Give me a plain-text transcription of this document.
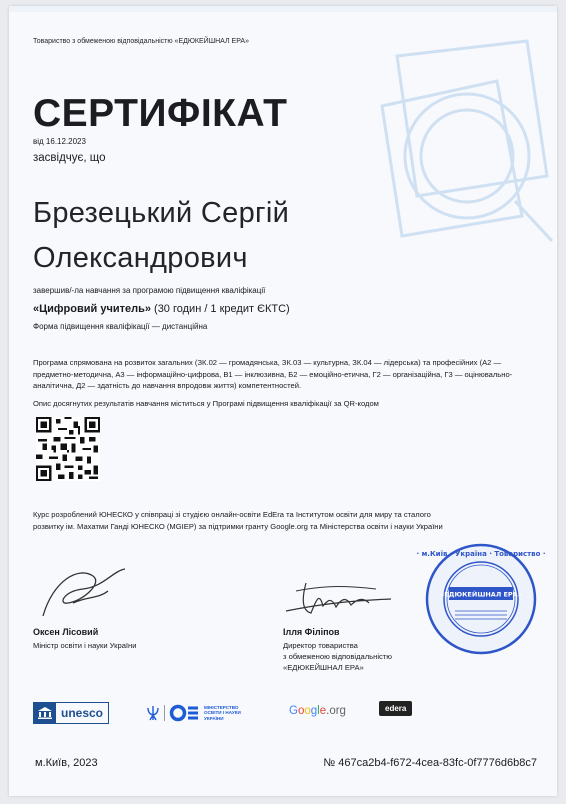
Товариство з обмеженою відповідальністю «ЕДЮКЕЙШНАЛ ЕРА»
СЕРТИФІКАТ
від 16.12.2023
засвідчує, що
Брезецький Сергій
Олександрович
завершив/-ла навчання за програмою підвищення кваліфікації
«Цифровий учитель» (30 годин / 1 кредит ЄКТС)
Форма підвищення кваліфікації — дистанційна
Програма спрямована на розвиток загальних (ЗК.02 — громадянська, ЗК.03 — культурна, ЗК.04 — лідерська) та професійних (А2 — предметно-методична, А3 — інформаційно-цифрова, В1 — інклюзивна, Б2 — емоційно-етична, Г2 — організаційна, Г3 — оцінювально-аналітична, Д2 — здатність до навчання впродовж життя) компетентностей.
Опис досягнутих результатів навчання міститься у Програмі підвищення кваліфікації за QR-кодом
Курс розроблений ЮНЕСКО у співпраці зі студією онлайн-освіти EdEra та Інститутом освіти для миру та сталого розвитку ім. Махатми Ганді ЮНЕСКО (MGIEP) за підтримки гранту Google.org та Міністерства освіти і науки України
Оксен Лісовий
Міністр освіти і науки України
Ілля Філіпов
Директор товариства
з обмеженою відповідальністю
«ЕДЮКЕЙШНАЛ ЕРА»
· м.Київ · Україна · Товариство ·
«ЕДЮКЕЙШНАЛ ЕРА»
unesco	МІНІСТЕРСТВО
ОСВІТИ І НАУКИ
УКРАЇНИ
Google.org	edera
м.Київ, 2023	№ 467ca2b4-f672-4cea-83fc-0f7776d6b8c7
